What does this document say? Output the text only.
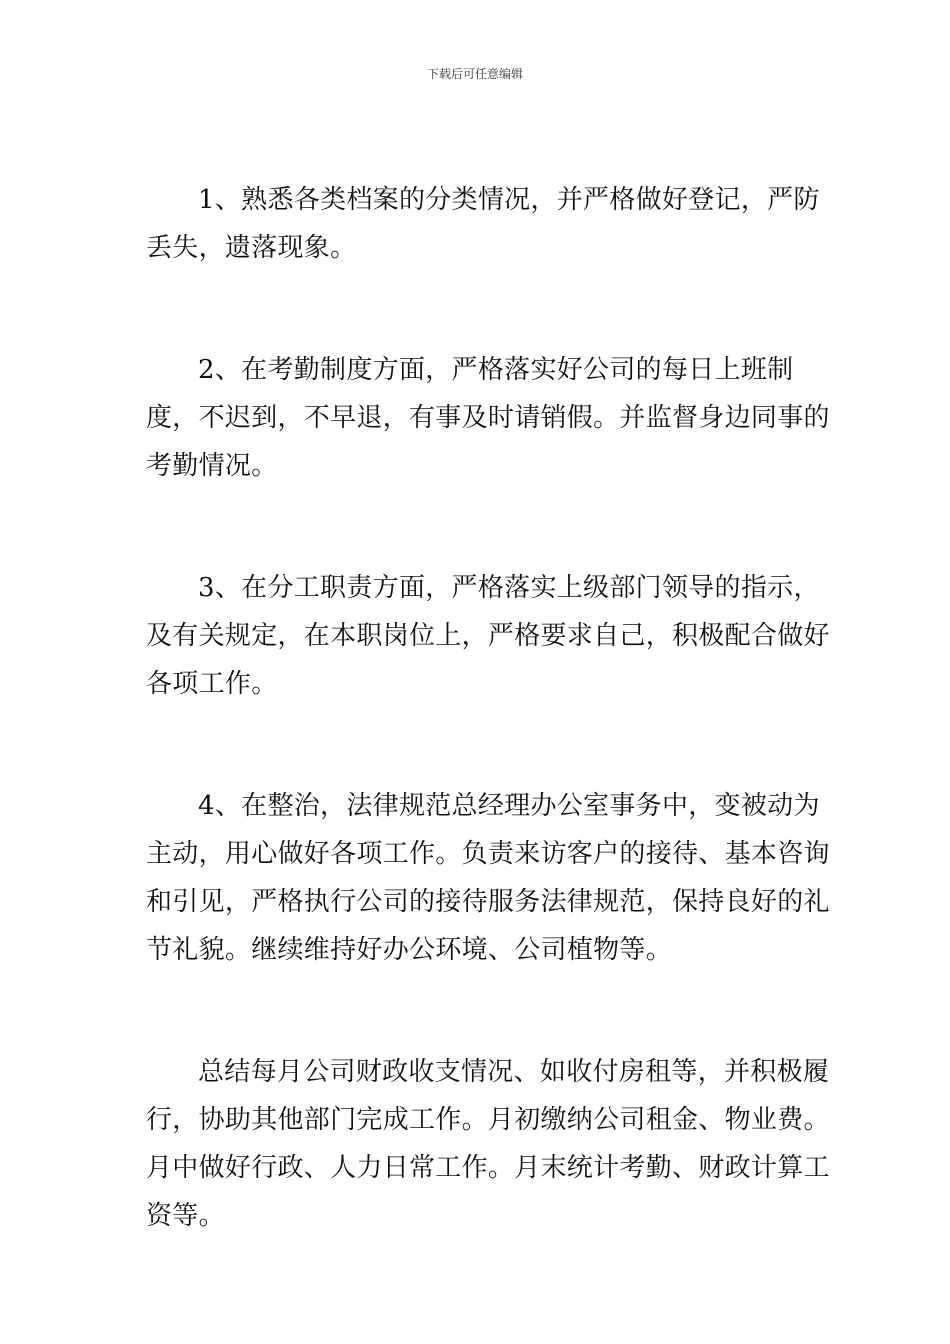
下载后可任意编辑

1、熟悉各类档案的分类情况，并严格做好登记，严防丢失，遗落现象。

2、在考勤制度方面，严格落实好公司的每日上班制度，不迟到，不早退，有事及时请销假。并监督身边同事的考勤情况。

3、在分工职责方面，严格落实上级部门领导的指示，及有关规定，在本职岗位上，严格要求自己，积极配合做好各项工作。

4、在整治，法律规范总经理办公室事务中，变被动为主动，用心做好各项工作。负责来访客户的接待、基本咨询和引见，严格执行公司的接待服务法律规范，保持良好的礼节礼貌。继续维持好办公环境、公司植物等。

总结每月公司财政收支情况、如收付房租等，并积极履行，协助其他部门完成工作。月初缴纳公司租金、物业费。月中做好行政、人力日常工作。月末统计考勤、财政计算工资等。
